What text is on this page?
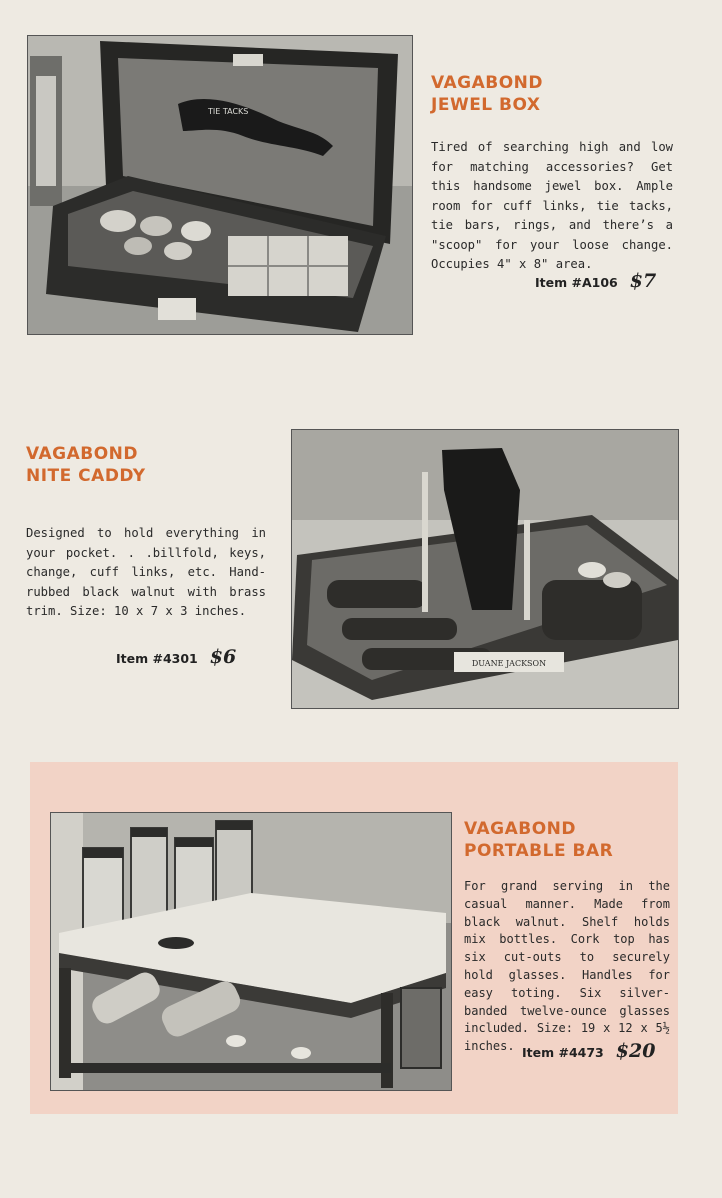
TIE TACKS
VAGABOND
JEWEL BOX
Tired of searching high and low for matching accessories? Get this handsome jewel box. Ample room for cuff links, tie tacks, tie bars, rings, and there’s a "scoop" for your loose change. Occupies 4" x 8" area.
Item #A106 $7
VAGABOND
NITE CADDY
Designed to hold everything in your pocket. . .billfold, keys, change, cuff links, etc. Hand-rubbed black walnut with brass trim. Size: 10 x 7 x 3 inches.
Item #4301 $6	DUANE JACKSON
VAGABOND
PORTABLE BAR
For grand serving in the casual manner. Made from black walnut. Shelf holds mix bottles. Cork top has six cut-outs to securely hold glasses. Handles for easy toting. Six silver-banded twelve-ounce glasses included. Size: 19 x 12 x 5½ inches. Item #4473 $20
